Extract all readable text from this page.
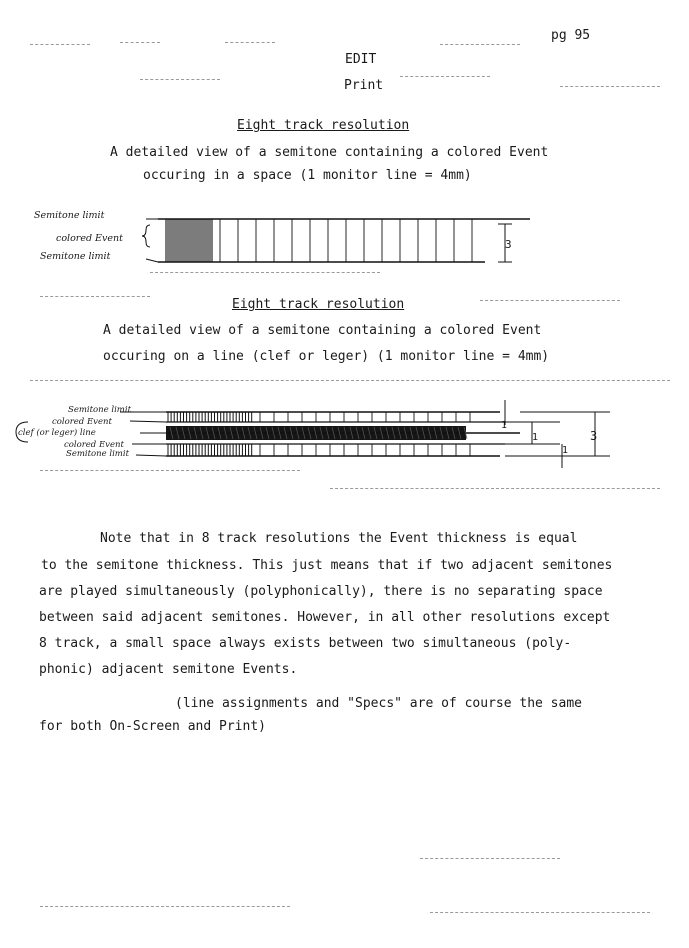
pg 95
EDIT
Print
Eight track resolution
A detailed view of a semitone containing a colored Event
occuring in a space (1 monitor line = 4mm)
Semitone limit
colored Event
Semitone limit
3
Eight track resolution
A detailed view of a semitone containing a colored Event
occuring on a line (clef or leger) (1 monitor line = 4mm)
Semitone limit
colored Event
clef (or leger) line
colored Event
Semitone limit
1
1
1
3
Note that in 8 track resolutions the Event thickness is equal
to the semitone thickness. This just means that if two adjacent semitones
are played simultaneously (polyphonically), there is no separating space
between said adjacent semitones. However, in all other resolutions except
8 track, a small space always exists between two simultaneous (poly-
phonic) adjacent semitone Events.
(line assignments and "Specs" are of course the same
for both On-Screen and Print)
